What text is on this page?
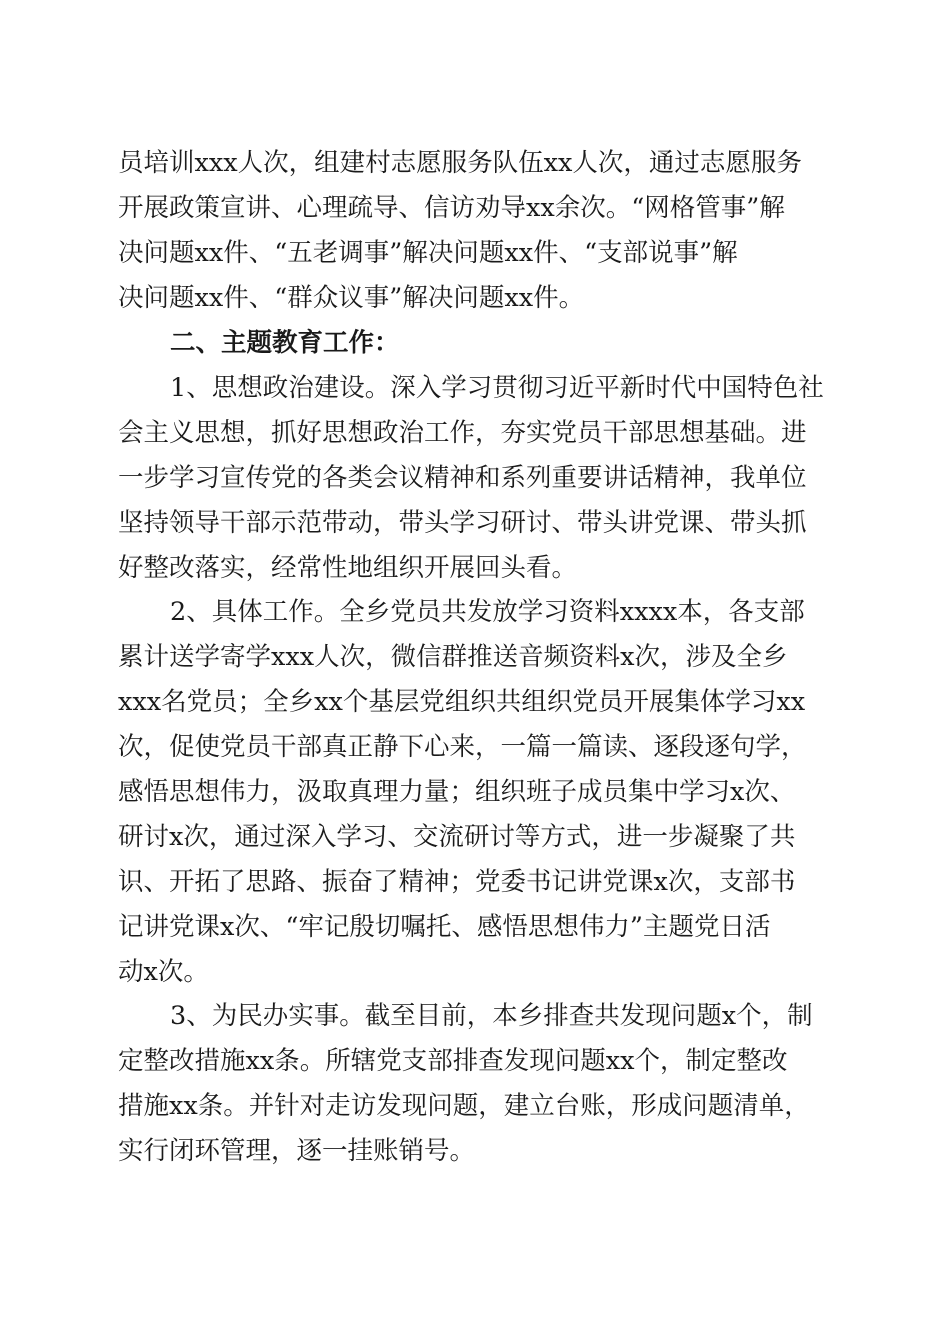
员培训xxx人次，组建村志愿服务队伍xx人次，通过志愿服务
开展政策宣讲、心理疏导、信访劝导xx余次。“网格管事”解
决问题xx件、“五老调事”解决问题xx件、“支部说事”解
决问题xx件、“群众议事”解决问题xx件。
二、主题教育工作：
1、思想政治建设。深入学习贯彻习近平新时代中国特色社
会主义思想，抓好思想政治工作，夯实党员干部思想基础。进
一步学习宣传党的各类会议精神和系列重要讲话精神，我单位
坚持领导干部示范带动，带头学习研讨、带头讲党课、带头抓
好整改落实，经常性地组织开展回头看。
2、具体工作。全乡党员共发放学习资料xxxx本，各支部
累计送学寄学xxx人次，微信群推送音频资料x次，涉及全乡
xxx名党员；全乡xx个基层党组织共组织党员开展集体学习xx
次，促使党员干部真正静下心来，一篇一篇读、逐段逐句学，
感悟思想伟力，汲取真理力量；组织班子成员集中学习x次、
研讨x次，通过深入学习、交流研讨等方式，进一步凝聚了共
识、开拓了思路、振奋了精神；党委书记讲党课x次，支部书
记讲党课x次、“牢记殷切嘱托、感悟思想伟力”主题党日活
动x次。
3、为民办实事。截至目前，本乡排查共发现问题x个，制
定整改措施xx条。所辖党支部排查发现问题xx个，制定整改
措施xx条。并针对走访发现问题，建立台账，形成问题清单，
实行闭环管理，逐一挂账销号。
